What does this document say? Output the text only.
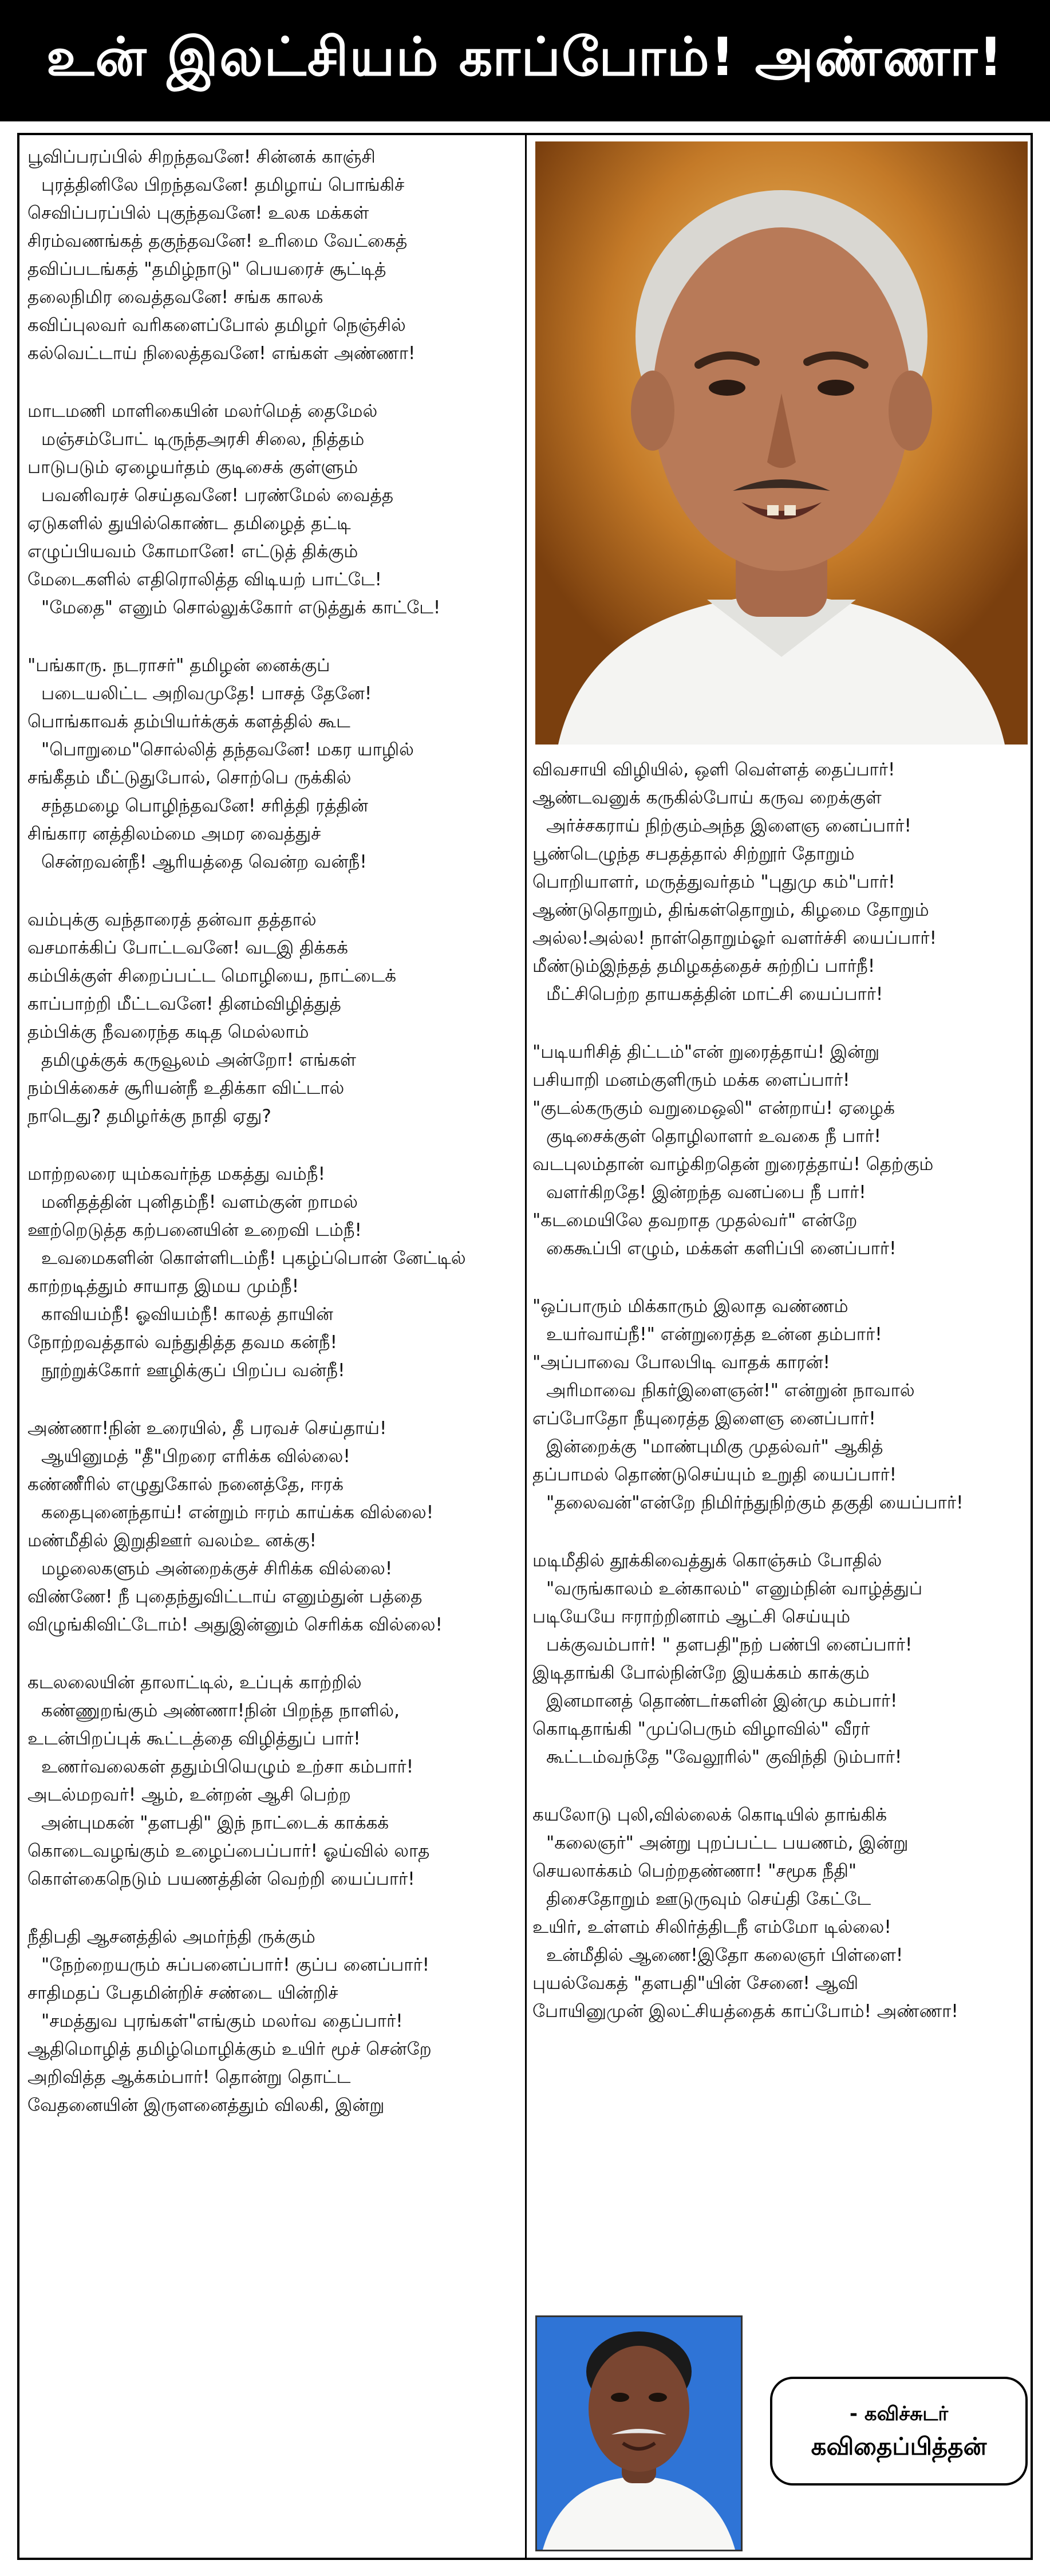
உன் இலட்சியம் காப்போம்! அண்ணா!
பூவிப்பரப்பில் சிறந்தவனே! சின்னக் காஞ்சி
புரத்தினிலே பிறந்தவனே! தமிழாய் பொங்கிச்
செவிப்பரப்பில் புகுந்தவனே! உலக மக்கள்
சிரம்வணங்கத் தகுந்தவனே! உரிமை வேட்கைத்
தவிப்படங்கத் "தமிழ்நாடு" பெயரைச் சூட்டித்
தலைநிமிர வைத்தவனே! சங்க காலக்
கவிப்புலவர் வரிகளைப்போல் தமிழர் நெஞ்சில்
கல்வெட்டாய் நிலைத்தவனே! எங்கள் அண்ணா!
மாடமணி மாளிகையின் மலர்மெத் தைமேல்
மஞ்சம்போட் டிருந்தஅரசி சிலை, நித்தம்
பாடுபடும் ஏழையர்தம் குடிசைக் குள்ளும்
பவனிவரச் செய்தவனே! பரண்மேல் வைத்த
ஏடுகளில் துயில்கொண்ட தமிழைத் தட்டி
எழுப்பியவம் கோமானே! எட்டுத் திக்கும்
மேடைகளில் எதிரொலித்த விடியற் பாட்டே!
"மேதை" எனும் சொல்லுக்கோர் எடுத்துக் காட்டே!
"பங்காரு. நடராசர்" தமிழன் னைக்குப்
படையலிட்ட அறிவமுதே! பாசத் தேனே!
பொங்காவக் தம்பியர்க்குக் களத்தில் கூட
"பொறுமை"சொல்லித் தந்தவனே! மகர யாழில்
சங்கீதம் மீட்டுதுபோல், சொற்பெ ருக்கில்
சந்தமழை பொழிந்தவனே! சரித்தி ரத்தின்
சிங்கார னத்திலம்மை அமர வைத்துச்
சென்றவன்நீ! ஆரியத்தை வென்ற வன்நீ!
வம்புக்கு வந்தாரைத் தன்வா தத்தால்
வசமாக்கிப் போட்டவனே! வடஇ திக்கக்
கம்பிக்குள் சிறைப்பட்ட மொழியை, நாட்டைக்
காப்பாற்றி மீட்டவனே! தினம்விழித்துத்
தம்பிக்கு நீவரைந்த கடித மெல்லாம்
தமிழுக்குக் கருவூலம் அன்றோ! எங்கள்
நம்பிக்கைச் சூரியன்நீ உதிக்கா விட்டால்
நாடெது? தமிழர்க்கு நாதி ஏது?
மாற்றலரை யும்கவர்ந்த மகத்து வம்நீ!
மனிதத்தின் புனிதம்நீ! வளம்குன் றாமல்
ஊற்றெடுத்த கற்பனையின் உறைவி டம்நீ!
உவமைகளின் கொள்ளிடம்நீ! புகழ்ப்பொன் னேட்டில்
காற்றடித்தும் சாயாத இமய மும்நீ!
காவியம்நீ! ஓவியம்நீ! காலத் தாயின்
நோற்றவத்தால் வந்துதித்த தவம கன்நீ!
நூற்றுக்கோர் ஊழிக்குப் பிறப்ப வன்நீ!
அண்ணா!நின் உரையில், தீ பரவச் செய்தாய்!
ஆயினுமத் "தீ"பிறரை எரிக்க வில்லை!
கண்ணீரில் எழுதுகோல் நனைத்தே, ஈரக்
கதைபுனைந்தாய்! என்றும் ஈரம் காய்க்க வில்லை!
மண்மீதில் இறுதிஊர் வலம்உ னக்கு!
மழலைகளும் அன்றைக்குச் சிரிக்க வில்லை!
விண்ணே! நீ புதைந்துவிட்டாய் எனும்துன் பத்தை
விழுங்கிவிட்டோம்! அதுஇன்னும் செரிக்க வில்லை!
கடலலையின் தாலாட்டில், உப்புக் காற்றில்
கண்ணுறங்கும் அண்ணா!நின் பிறந்த நாளில்,
உடன்பிறப்புக் கூட்டத்தை விழித்துப் பார்!
உணர்வலைகள் ததும்பியெழும் உற்சா கம்பார்!
அடல்மறவர்! ஆம், உன்றன் ஆசி பெற்ற
அன்புமகன் "தளபதி" இந் நாட்டைக் காக்கக்
கொடைவழங்கும் உழைப்பைப்பார்! ஓய்வில் லாத
கொள்கைநெடும் பயணத்தின் வெற்றி யைப்பார்!
நீதிபதி ஆசனத்தில் அமர்ந்தி ருக்கும்
"நேற்றையரும் சுப்பனைப்பார்! குப்ப னைப்பார்!
சாதிமதப் பேதமின்றிச் சண்டை யின்றிச்
"சமத்துவ புரங்கள்"எங்கும் மலர்வ தைப்பார்!
ஆதிமொழித் தமிழ்மொழிக்கும் உயிர் மூச் சென்றே
அறிவித்த ஆக்கம்பார்! தொன்று தொட்ட
வேதனையின் இருளனைத்தும் விலகி, இன்று
விவசாயி விழியில், ஒளி வெள்ளத் தைப்பார்!
ஆண்டவனுக் கருகில்போய் கருவ றைக்குள்
அர்ச்சகராய் நிற்கும்அந்த இளைஞ னைப்பார்!
பூண்டெழுந்த சபதத்தால் சிற்றூர் தோறும்
பொறியாளர், மருத்துவர்தம் "புதுமு கம்"பார்!
ஆண்டுதொறும், திங்கள்தொறும், கிழமை தோறும்
அல்ல!அல்ல! நாள்தொறும்ஓர் வளர்ச்சி யைப்பார்!
மீண்டும்இந்தத் தமிழகத்தைச் சுற்றிப் பார்நீ!
மீட்சிபெற்ற தாயகத்தின் மாட்சி யைப்பார்!
"படியரிசித் திட்டம்"என் றுரைத்தாய்! இன்று
பசியாறி மனம்குளிரும் மக்க ளைப்பார்!
"குடல்கருகும் வறுமைஒலி" என்றாய்! ஏழைக்
குடிசைக்குள் தொழிலாளர் உவகை நீ பார்!
வடபுலம்தான் வாழ்கிறதென் றுரைத்தாய்! தெற்கும்
வளர்கிறதே! இன்றந்த வனப்பை நீ பார்!
"கடமையிலே தவறாத முதல்வர்" என்றே
கைகூப்பி எழும், மக்கள் களிப்பி னைப்பார்!
"ஒப்பாரும் மிக்காரும் இலாத வண்ணம்
உயர்வாய்நீ!" என்றுரைத்த உன்ன தம்பார்!
"அப்பாவை போலபிடி வாதக் காரன்!
அரிமாவை நிகர்இளைஞன்!" என்றுன் நாவால்
எப்போதோ நீயுரைத்த இளைஞ னைப்பார்!
இன்றைக்கு "மாண்புமிகு முதல்வர்" ஆகித்
தப்பாமல் தொண்டுசெய்யும் உறுதி யைப்பார்!
"தலைவன்"என்றே நிமிர்ந்துநிற்கும் தகுதி யைப்பார்!
மடிமீதில் தூக்கிவைத்துக் கொஞ்சும் போதில்
"வருங்காலம் உன்காலம்" எனும்நின் வாழ்த்துப்
படியேயே ஈராற்றினாம் ஆட்சி செய்யும்
பக்குவம்பார்! " தளபதி"நற் பண்பி னைப்பார்!
இடிதாங்கி போல்நின்றே இயக்கம் காக்கும்
இனமானத் தொண்டர்களின் இன்மு கம்பார்!
கொடிதாங்கி "முப்பெரும் விழாவில்" வீரர்
கூட்டம்வந்தே "வேலூரில்" குவிந்தி டும்பார்!
கயலோடு புலி,வில்லைக் கொடியில் தாங்கிக்
"கலைஞர்" அன்று புறப்பட்ட பயணம், இன்று
செயலாக்கம் பெற்றதண்ணா! "சமூக நீதி"
திசைதோறும் ஊடுருவும் செய்தி கேட்டே
உயிர், உள்ளம் சிலிர்த்திடநீ எம்மோ டில்லை!
உன்மீதில் ஆணை!இதோ கலைஞர் பிள்ளை!
புயல்வேகத் "தளபதி"யின் சேனை! ஆவி
போயினுமுன் இலட்சியத்தைக் காப்போம்! அண்ணா!
- கவிச்சுடர்
கவிதைப்பித்தன்
